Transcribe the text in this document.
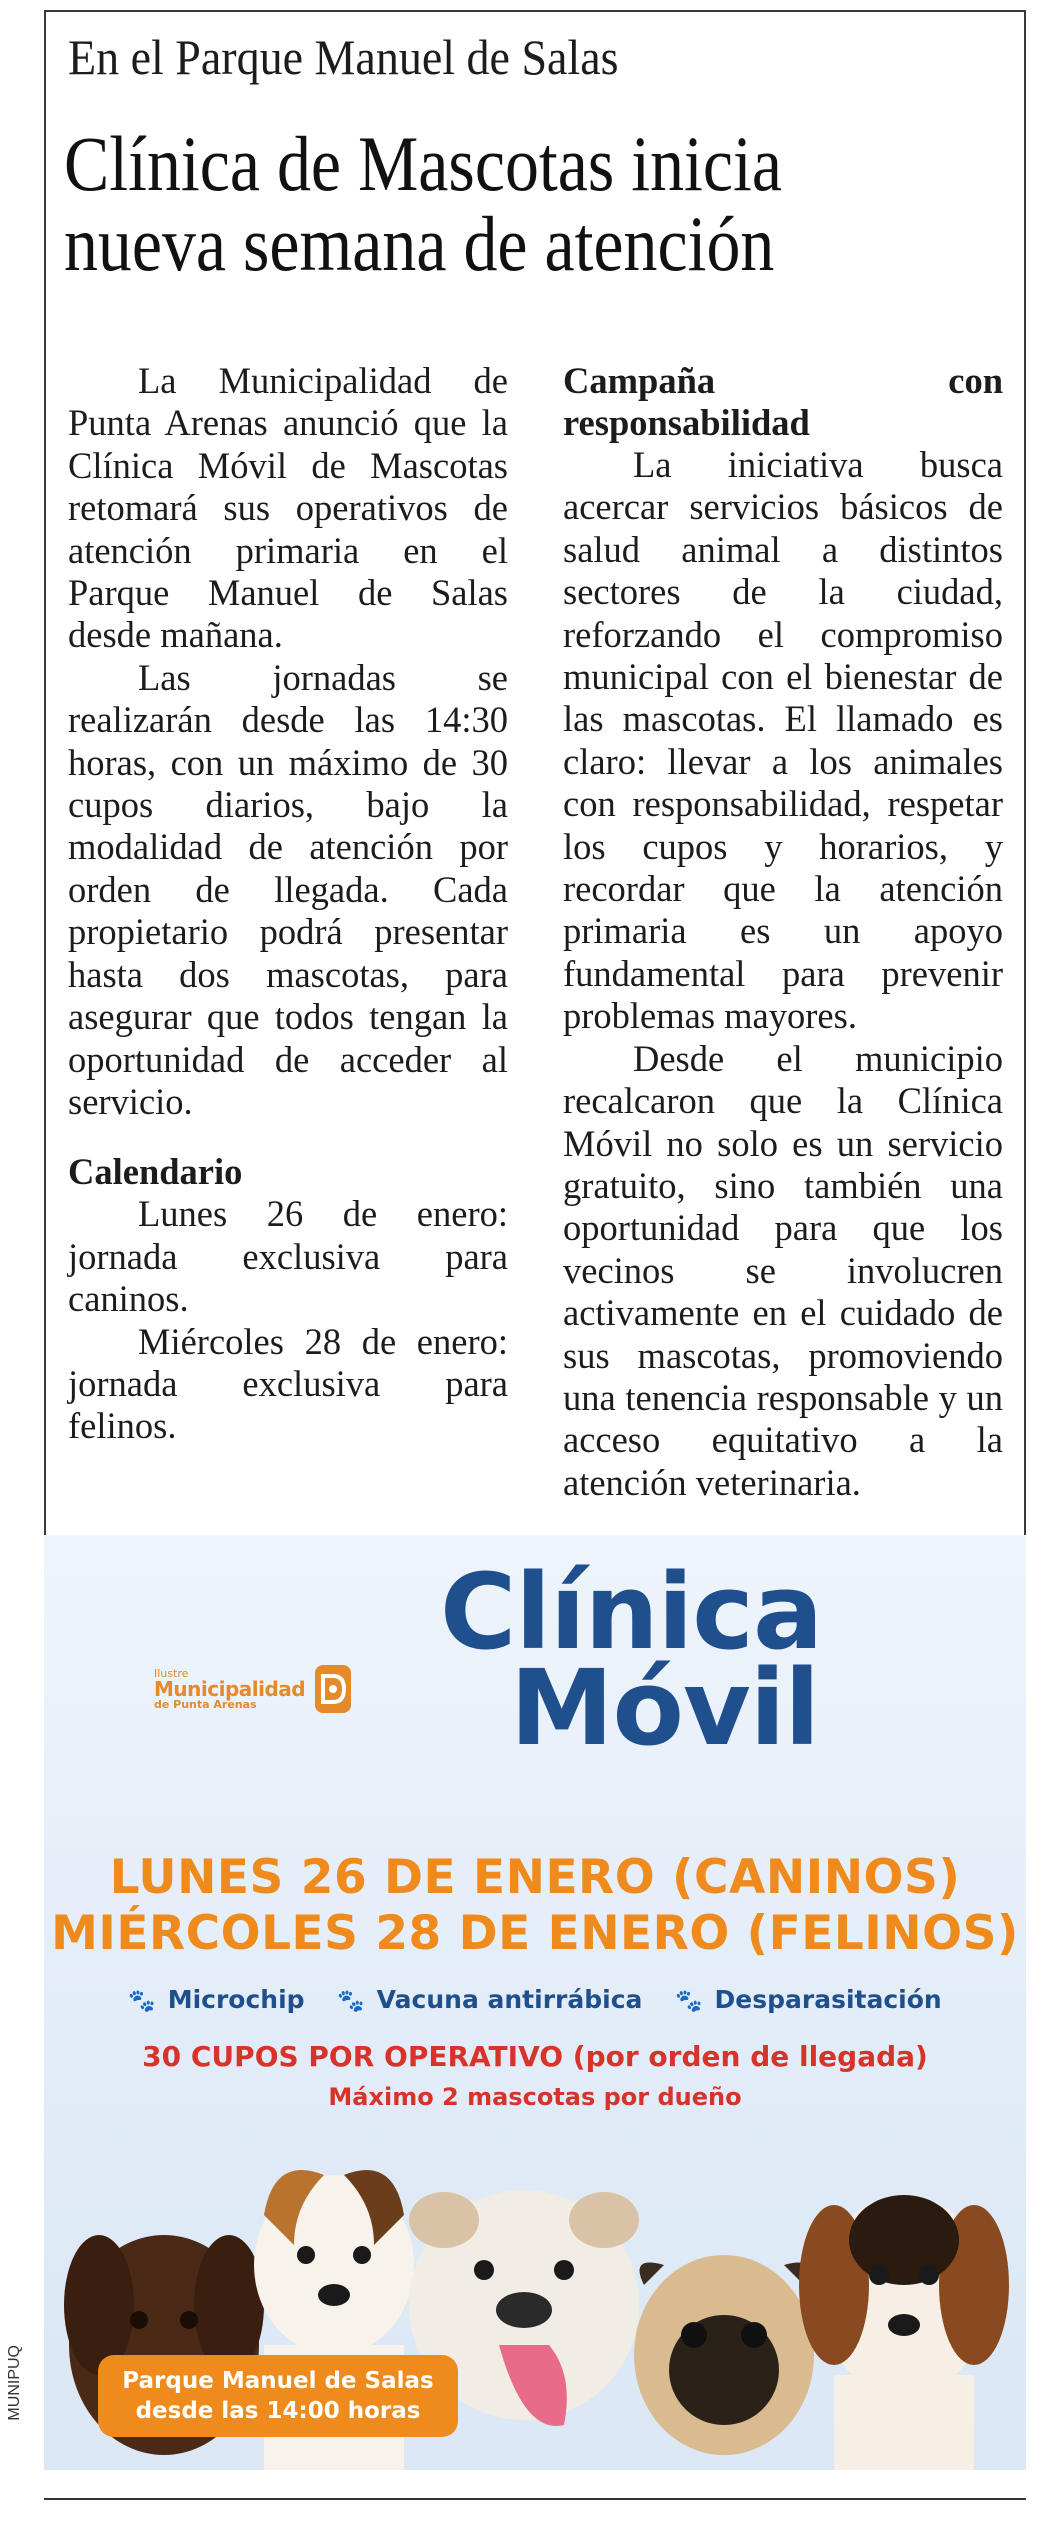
En el Parque Manuel de Salas
Clínica de Mascotas inicia
nueva semana de atención

La Municipalidad de Punta Arenas anunció que la Clínica Móvil de Mascotas retomará sus operativos de atención primaria en el Parque Manuel de Salas desde mañana.

Las jornadas se realizarán desde las 14:30 horas, con un máximo de 30 cupos diarios, bajo la modalidad de atención por orden de llegada. Cada propietario podrá presentar hasta dos mascotas, para asegurar que todos tengan la oportunidad de acceder al servicio.

Calendario

Lunes 26 de enero: jornada exclusiva para caninos.

Miércoles 28 de enero: jornada exclusiva para felinos.

Campaña con responsabilidad

La iniciativa busca acercar servicios básicos de salud animal a distintos sectores de la ciudad, reforzando el compromiso municipal con el bienestar de las mascotas. El llamado es claro: llevar a los animales con responsabilidad, respetar los cupos y horarios, y recordar que la atención primaria es un apoyo fundamental para prevenir problemas mayores.

Desde el municipio recalcaron que la Clínica Móvil no solo es un servicio gratuito, sino también una oportunidad para que los vecinos se involucren activamente en el cuidado de sus mascotas, promoviendo una tenencia responsable y un acceso equitativo a la atención veterinaria.

Ilustre
Municipalidad
de Punta Arenas
Clínica
Móvil
LUNES 26 DE ENERO (CANINOS)
MIÉRCOLES 28 DE ENERO (FELINOS)
🐾 Microchip 🐾 Vacuna antirrábica 🐾 Desparasitación
30 CUPOS POR OPERATIVO (por orden de llegada)
Máximo 2 mascotas por dueño
Parque Manuel de Salas
desde las 14:00 horas
MUNIPUQ
